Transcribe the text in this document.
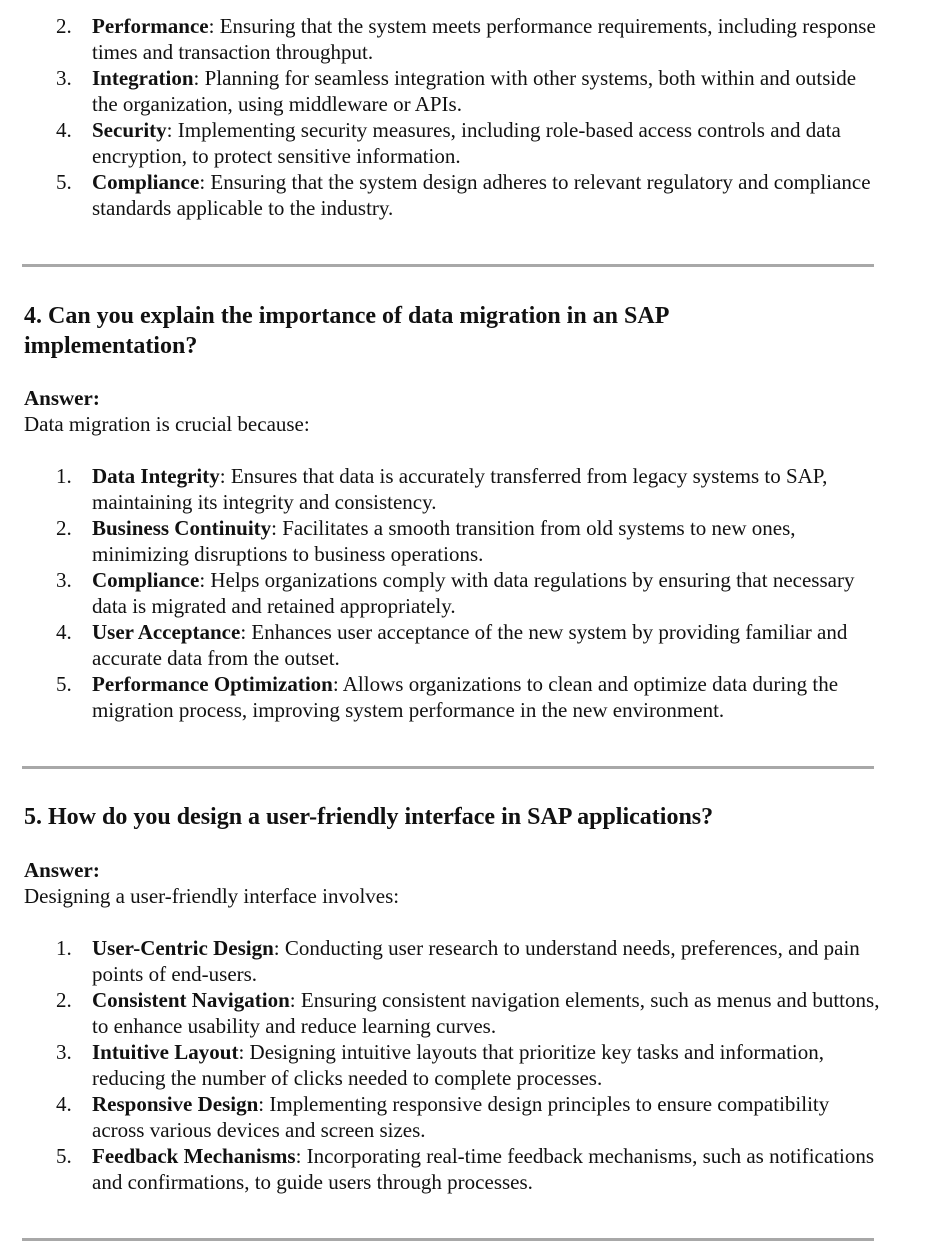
2. Performance: Ensuring that the system meets performance requirements, including response times and transaction throughput.
3. Integration: Planning for seamless integration with other systems, both within and outside the organization, using middleware or APIs.
4. Security: Implementing security measures, including role-based access controls and data encryption, to protect sensitive information.
5. Compliance: Ensuring that the system design adheres to relevant regulatory and compliance standards applicable to the industry.
4. Can you explain the importance of data migration in an SAP implementation?

Answer:

Data migration is crucial because:

1. Data Integrity: Ensures that data is accurately transferred from legacy systems to SAP, maintaining its integrity and consistency.
2. Business Continuity: Facilitates a smooth transition from old systems to new ones, minimizing disruptions to business operations.
3. Compliance: Helps organizations comply with data regulations by ensuring that necessary data is migrated and retained appropriately.
4. User Acceptance: Enhances user acceptance of the new system by providing familiar and accurate data from the outset.
5. Performance Optimization: Allows organizations to clean and optimize data during the migration process, improving system performance in the new environment.
5. How do you design a user-friendly interface in SAP applications?

Answer:

Designing a user-friendly interface involves:

1. User-Centric Design: Conducting user research to understand needs, preferences, and pain points of end-users.
2. Consistent Navigation: Ensuring consistent navigation elements, such as menus and buttons, to enhance usability and reduce learning curves.
3. Intuitive Layout: Designing intuitive layouts that prioritize key tasks and information, reducing the number of clicks needed to complete processes.
4. Responsive Design: Implementing responsive design principles to ensure compatibility across various devices and screen sizes.
5. Feedback Mechanisms: Incorporating real-time feedback mechanisms, such as notifications and confirmations, to guide users through processes.
